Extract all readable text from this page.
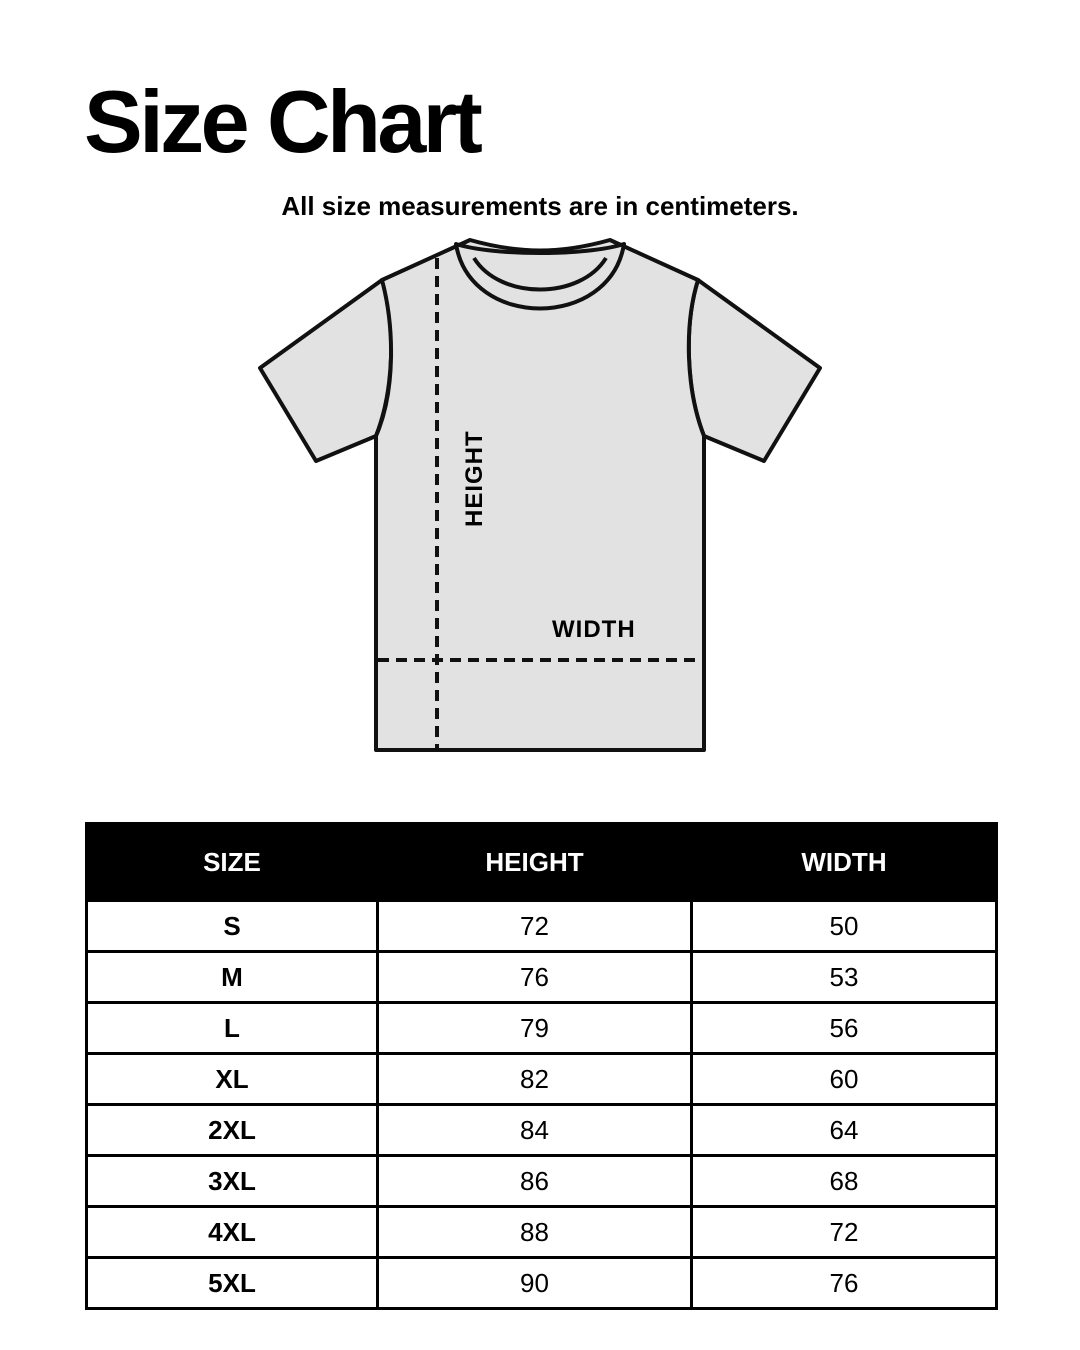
Size Chart
All size measurements are in centimeters.
HEIGHT
WIDTH
SIZE	HEIGHT	WIDTH
S	72	50
M	76	53
L	79	56
XL	82	60
2XL	84	64
3XL	86	68
4XL	88	72
5XL	90	76
